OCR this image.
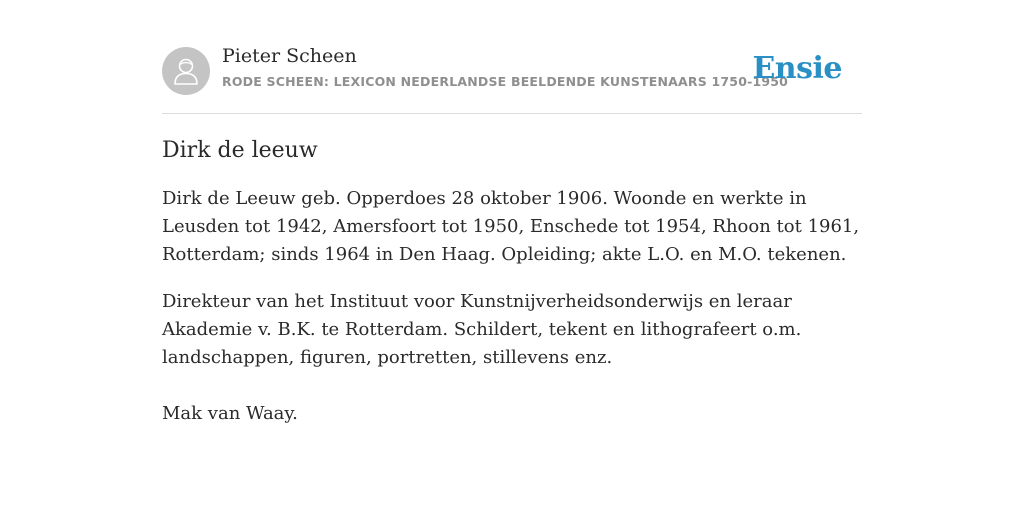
Pieter Scheen
RODE SCHEEN: LEXICON NEDERLANDSE BEELDENDE KUNSTENAARS 1750-1950
Ensie
Dirk de leeuw

Dirk de Leeuw geb. Opperdoes 28 oktober 1906. Woonde en werkte in Leusden tot 1942, Amersfoort tot 1950, Enschede tot 1954, Rhoon tot 1961, Rotterdam; sinds 1964 in Den Haag. Opleiding; akte L.O. en M.O. tekenen.

Direkteur van het Instituut voor Kunstnijverheidsonderwijs en leraar Akademie v. B.K. te Rotterdam. Schildert, tekent en lithografeert o.m. landschappen, figuren, portretten, stillevens enz.

Mak van Waay.
